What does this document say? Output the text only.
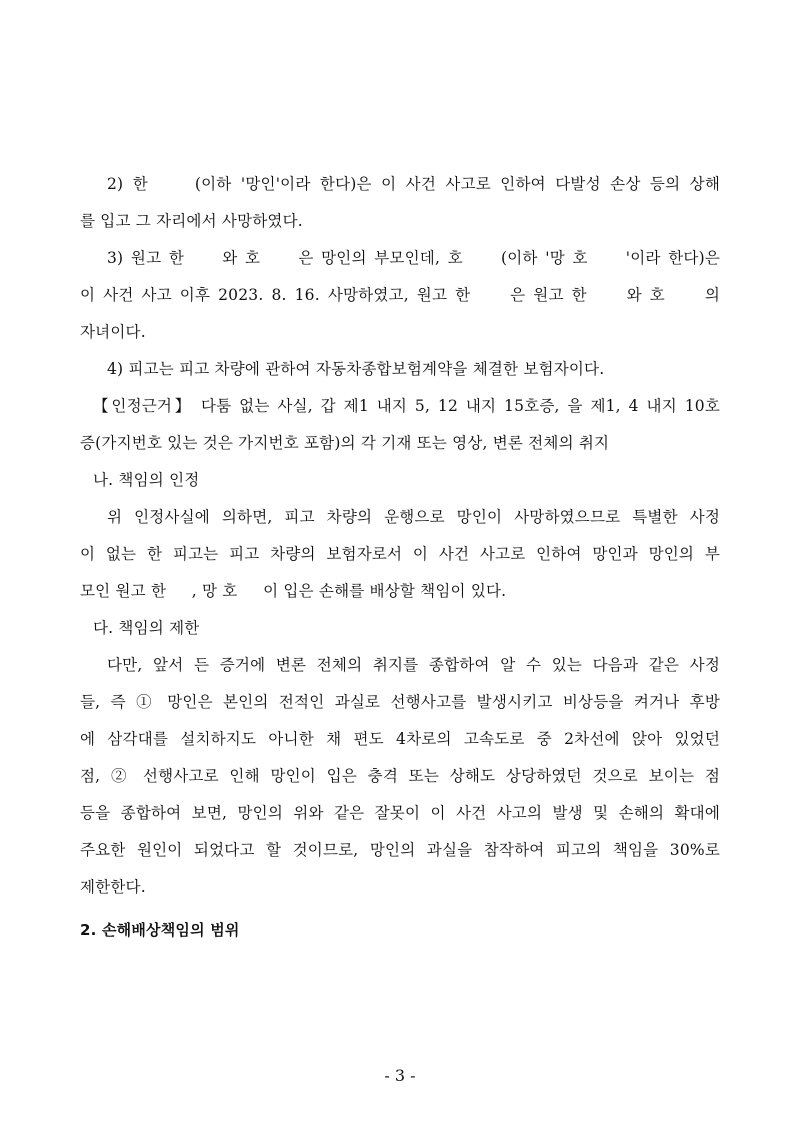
2) 한     (이하 '망인'이라 한다)은 이 사건 사고로 인하여 다발성 손상 등의 상해
를 입고 그 자리에서 사망하였다.
3) 원고 한     와 호     은 망인의 부모인데, 호     (이하 '망 호     '이라 한다)은
이 사건 사고 이후 2023. 8. 16. 사망하였고, 원고 한     은 원고 한     와 호     의
자녀이다.
4) 피고는 피고 차량에 관하여 자동차종합보험계약을 체결한 보험자이다.
【인정근거】 다툼 없는 사실, 갑 제1 내지 5, 12 내지 15호증, 을 제1, 4 내지 10호
증(가지번호 있는 것은 가지번호 포함)의 각 기재 또는 영상, 변론 전체의 취지
나. 책임의 인정
위 인정사실에 의하면, 피고 차량의 운행으로 망인이 사망하였으므로 특별한 사정
이 없는 한 피고는 피고 차량의 보험자로서 이 사건 사고로 인하여 망인과 망인의 부
모인 원고 한     , 망 호     이 입은 손해를 배상할 책임이 있다.
다. 책임의 제한
다만, 앞서 든 증거에 변론 전체의 취지를 종합하여 알 수 있는 다음과 같은 사정
들, 즉 ① 망인은 본인의 전적인 과실로 선행사고를 발생시키고 비상등을 켜거나 후방
에 삼각대를 설치하지도 아니한 채 편도 4차로의 고속도로 중 2차선에 앉아 있었던
점, ② 선행사고로 인해 망인이 입은 충격 또는 상해도 상당하였던 것으로 보이는 점
등을 종합하여 보면, 망인의 위와 같은 잘못이 이 사건 사고의 발생 및 손해의 확대에
주요한 원인이 되었다고 할 것이므로, 망인의 과실을 참작하여 피고의 책임을 30%로
제한한다.
2. 손해배상책임의 범위
- 3 -
